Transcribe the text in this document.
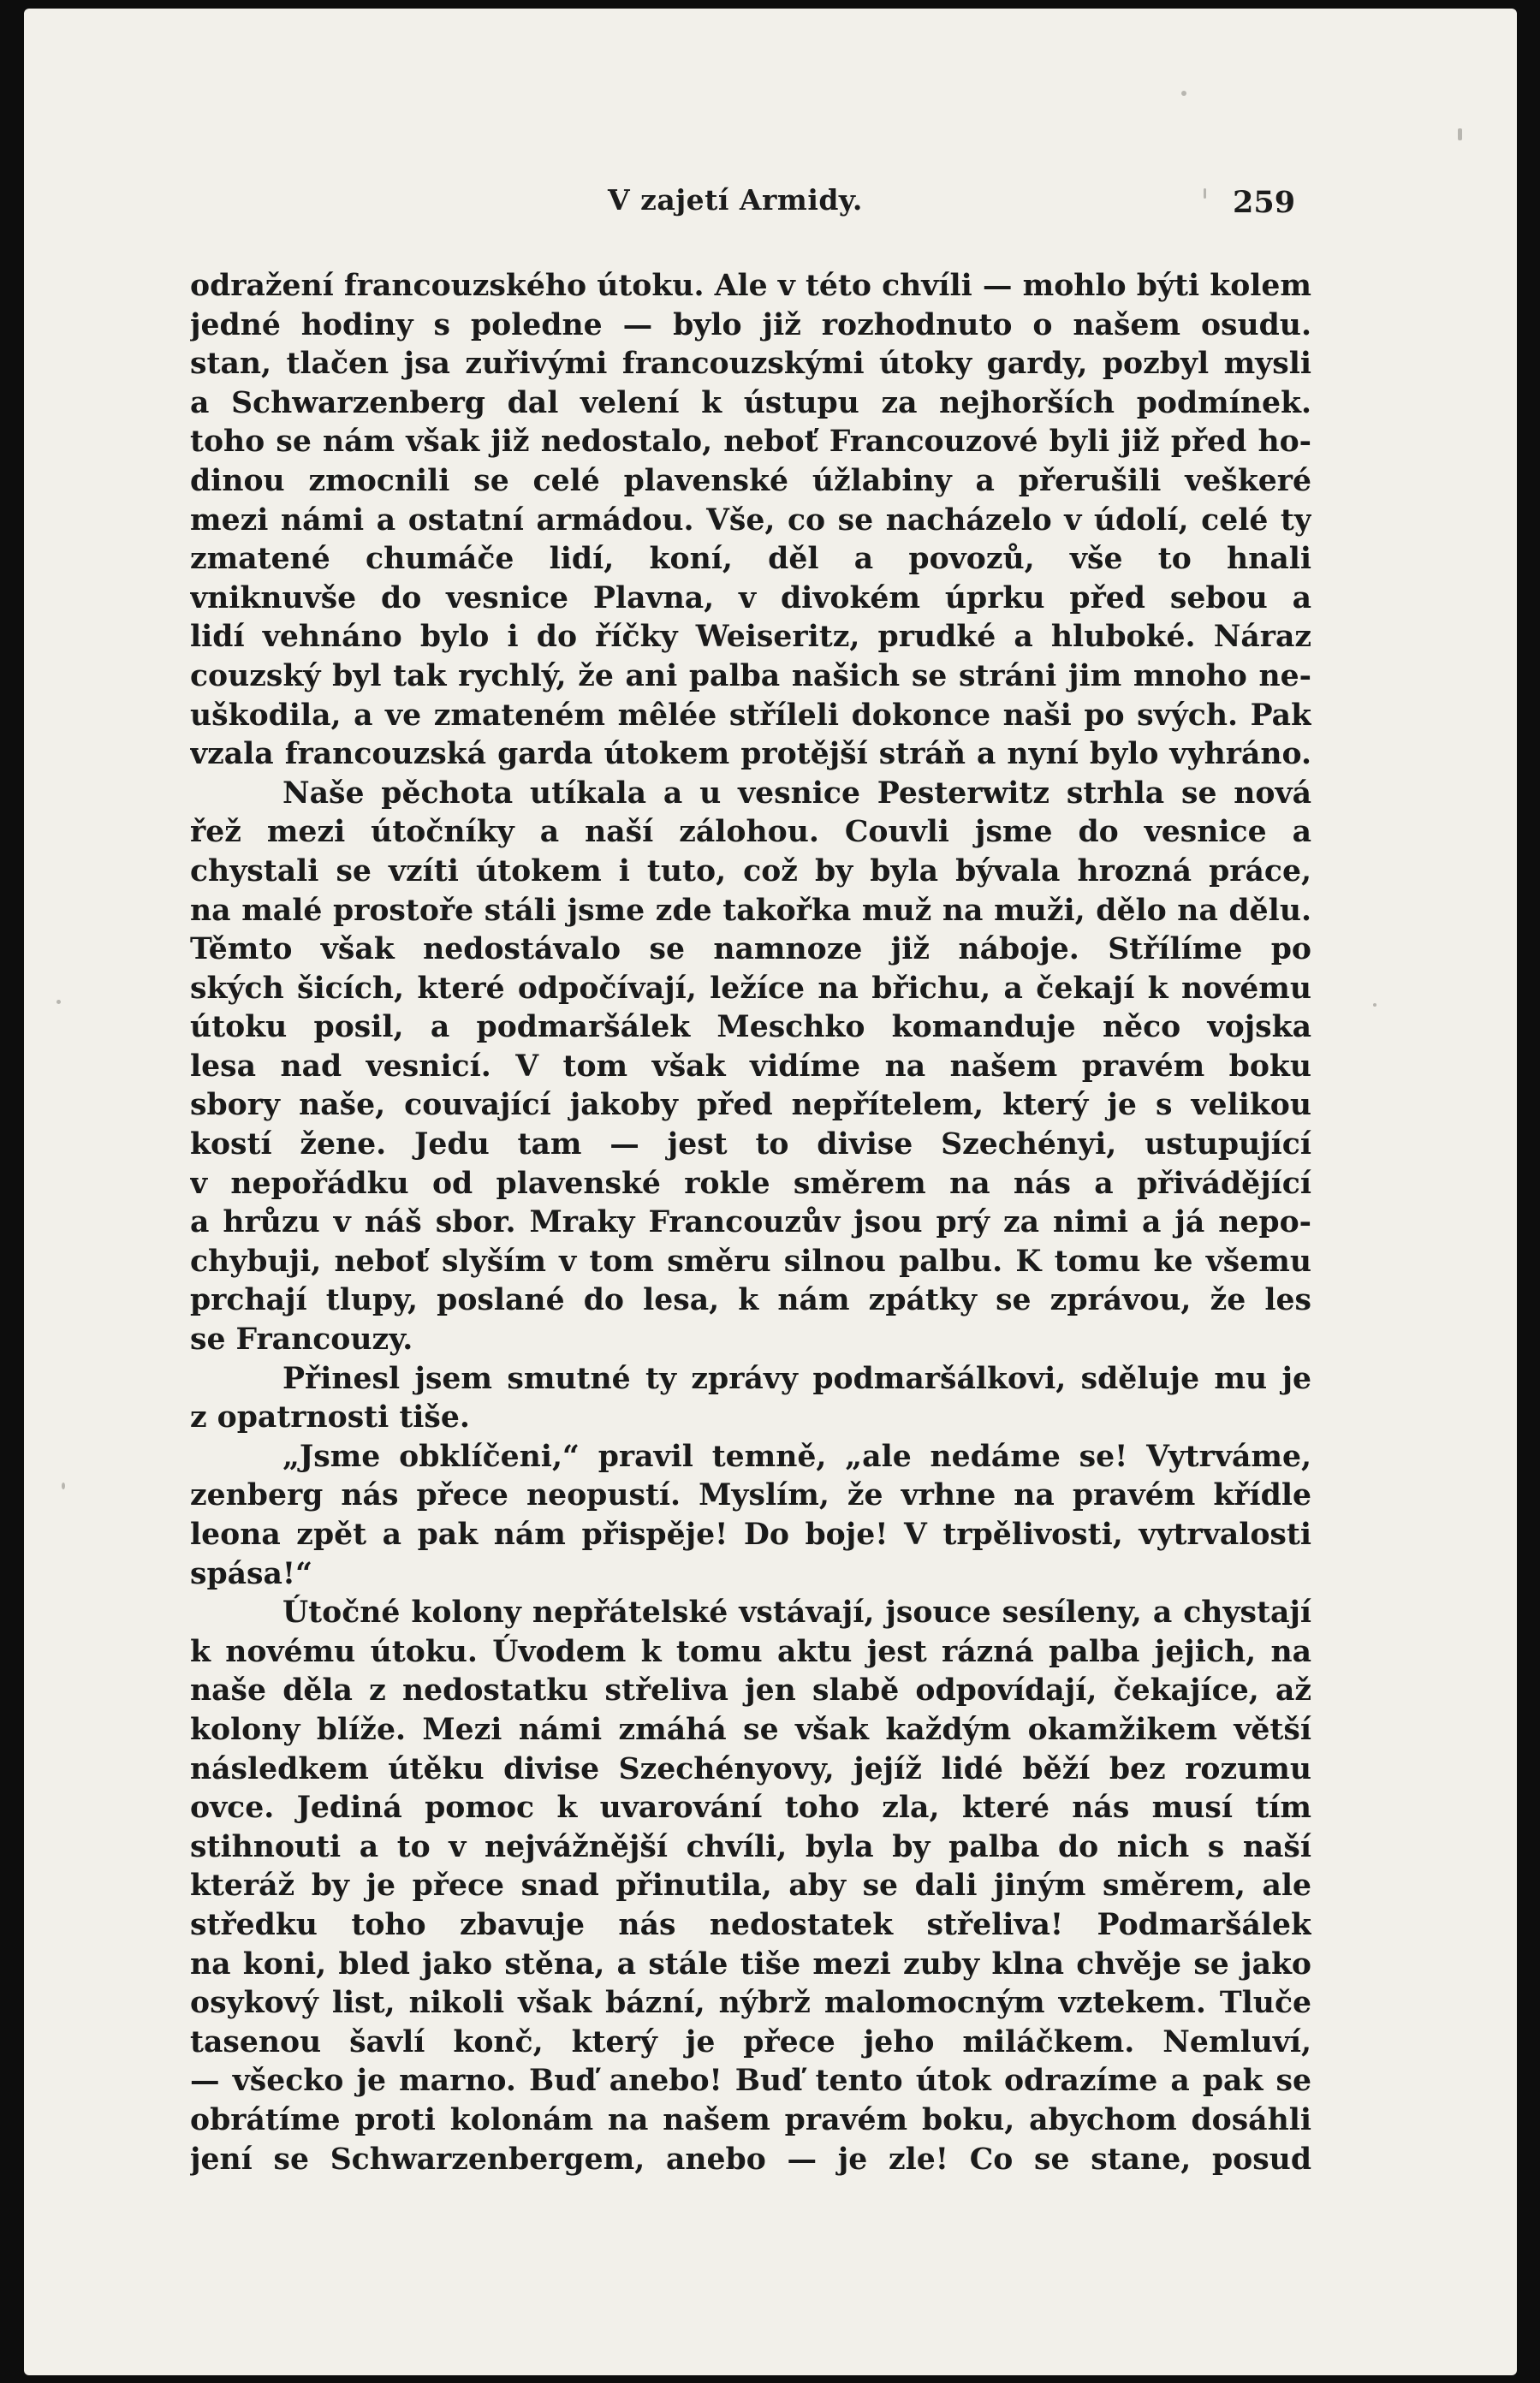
V zajetí Armidy.	259
odražení francouzského útoku. Ale v této chvíli — mohlo býti kolem
jedné hodiny s poledne — bylo již rozhodnuto o našem osudu.
stan, tlačen jsa zuřivými francouzskými útoky gardy, pozbyl mysli
a Schwarzenberg dal velení k ústupu za nejhorších podmínek.
toho se nám však již nedostalo, neboť Francouzové byli již před ho-
dinou zmocnili se celé plavenské úžlabiny a přerušili veškeré
mezi námi a ostatní armádou. Vše, co se nacházelo v údolí, celé ty
zmatené chumáče lidí, koní, děl a povozů, vše to hnali
vniknuvše do vesnice Plavna, v divokém úprku před sebou a
lidí vehnáno bylo i do říčky Weiseritz, prudké a hluboké. Náraz
couzský byl tak rychlý, že ani palba našich se stráni jim mnoho ne-
uškodila, a ve zmateném mêlée stříleli dokonce naši po svých. Pak
vzala francouzská garda útokem protější stráň a nyní bylo vyhráno.
Naše pěchota utíkala a u vesnice Pesterwitz strhla se nová
řež mezi útočníky a naší zálohou. Couvli jsme do vesnice a
chystali se vzíti útokem i tuto, což by byla bývala hrozná práce,
na malé prostoře stáli jsme zde takořka muž na muži, dělo na dělu.
Těmto však nedostávalo se namnoze již náboje. Střílíme po
ských šicích, které odpočívají, ležíce na břichu, a čekají k novému
útoku posil, a podmaršálek Meschko komanduje něco vojska
lesa nad vesnicí. V tom však vidíme na našem pravém boku
sbory naše, couvající jakoby před nepřítelem, který je s velikou
kostí žene. Jedu tam — jest to divise Szechényi, ustupující
v nepořádku od plavenské rokle směrem na nás a přivádějící
a hrůzu v náš sbor. Mraky Francouzův jsou prý za nimi a já nepo-
chybuji, neboť slyším v tom směru silnou palbu. K tomu ke všemu
prchají tlupy, poslané do lesa, k nám zpátky se zprávou, že les
se Francouzy.
Přinesl jsem smutné ty zprávy podmaršálkovi, sděluje mu je
z opatrnosti tiše.
„Jsme obklíčeni,“ pravil temně, „ale nedáme se! Vytrváme,
zenberg nás přece neopustí. Myslím, že vrhne na pravém křídle
leona zpět a pak nám přispěje! Do boje! V trpělivosti, vytrvalosti
spása!“
Útočné kolony nepřátelské vstávají, jsouce sesíleny, a chystají
k novému útoku. Úvodem k tomu aktu jest rázná palba jejich, na
naše děla z nedostatku střeliva jen slabě odpovídají, čekajíce, až
kolony blíže. Mezi námi zmáhá se však každým okamžikem větší
následkem útěku divise Szechényovy, jejíž lidé běží bez rozumu
ovce. Jediná pomoc k uvarování toho zla, které nás musí tím
stihnouti a to v nejvážnější chvíli, byla by palba do nich s naší
kteráž by je přece snad přinutila, aby se dali jiným směrem, ale
středku toho zbavuje nás nedostatek střeliva! Podmaršálek
na koni, bled jako stěna, a stále tiše mezi zuby klna chvěje se jako
osykový list, nikoli však bázní, nýbrž malomocným vztekem. Tluče
tasenou šavlí konč, který je přece jeho miláčkem. Nemluví,
— všecko je marno. Buď anebo! Buď tento útok odrazíme a pak se
obrátíme proti kolonám na našem pravém boku, abychom dosáhli
jení se Schwarzenbergem, anebo — je zle! Co se stane, posud
